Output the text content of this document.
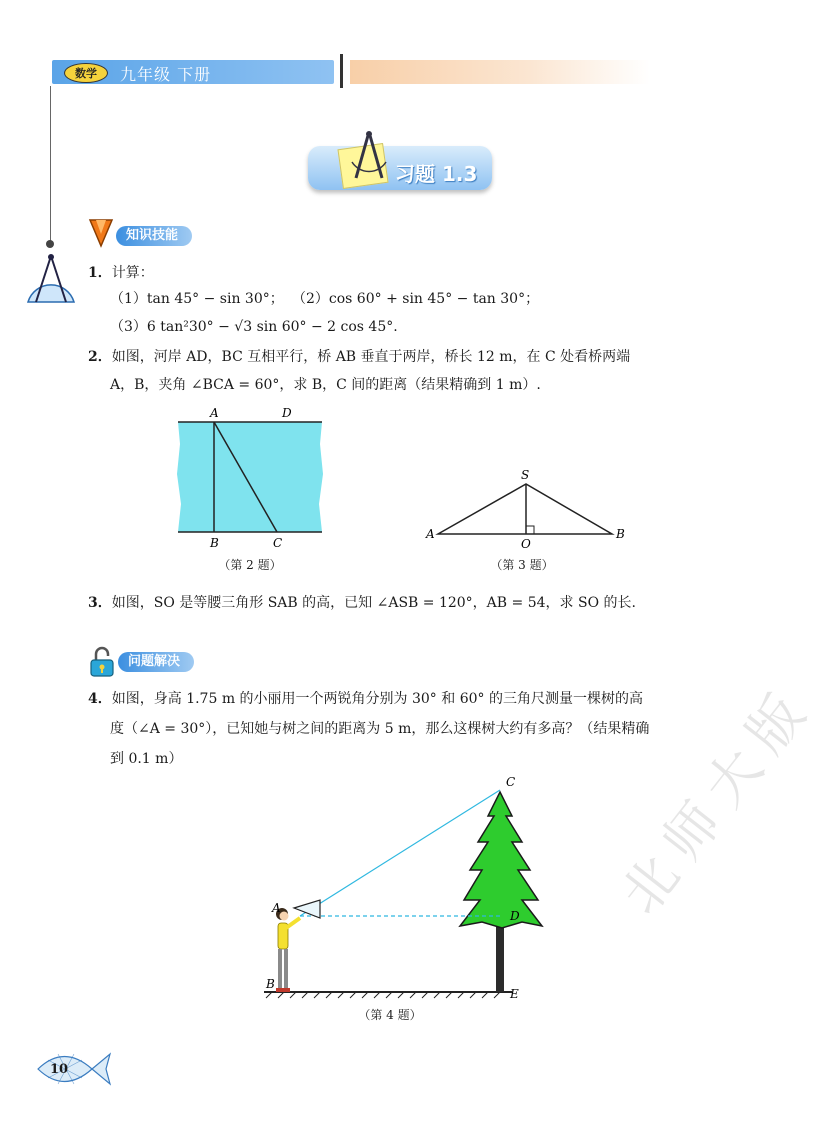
数学	九年级 下册
习题 1.3
知识技能
1．计算：
（1）tan 45° − sin 30°； （2）cos 60° + sin 45° − tan 30°；
（3）6 tan²30° − √3 sin 60° − 2 cos 45°.
2．如图，河岸 AD，BC 互相平行，桥 AB 垂直于两岸，桥长 12 m，在 C 处看桥两端
A，B，夹角 ∠BCA = 60°，求 B，C 间的距离（结果精确到 1 m）.
A	D
B	C
（第 2 题）
S
A
O
B
（第 3 题）
3．如图，SO 是等腰三角形 SAB 的高，已知 ∠ASB = 120°，AB = 54，求 SO 的长.
问题解决
4．如图，身高 1.75 m 的小丽用一个两锐角分别为 30° 和 60° 的三角尺测量一棵树的高
度（∠A = 30°），已知她与树之间的距离为 5 m，那么这棵树大约有多高？（结果精确
到 0.1 m）
C
A
D
B
E
（第 4 题）
10
北师大版
